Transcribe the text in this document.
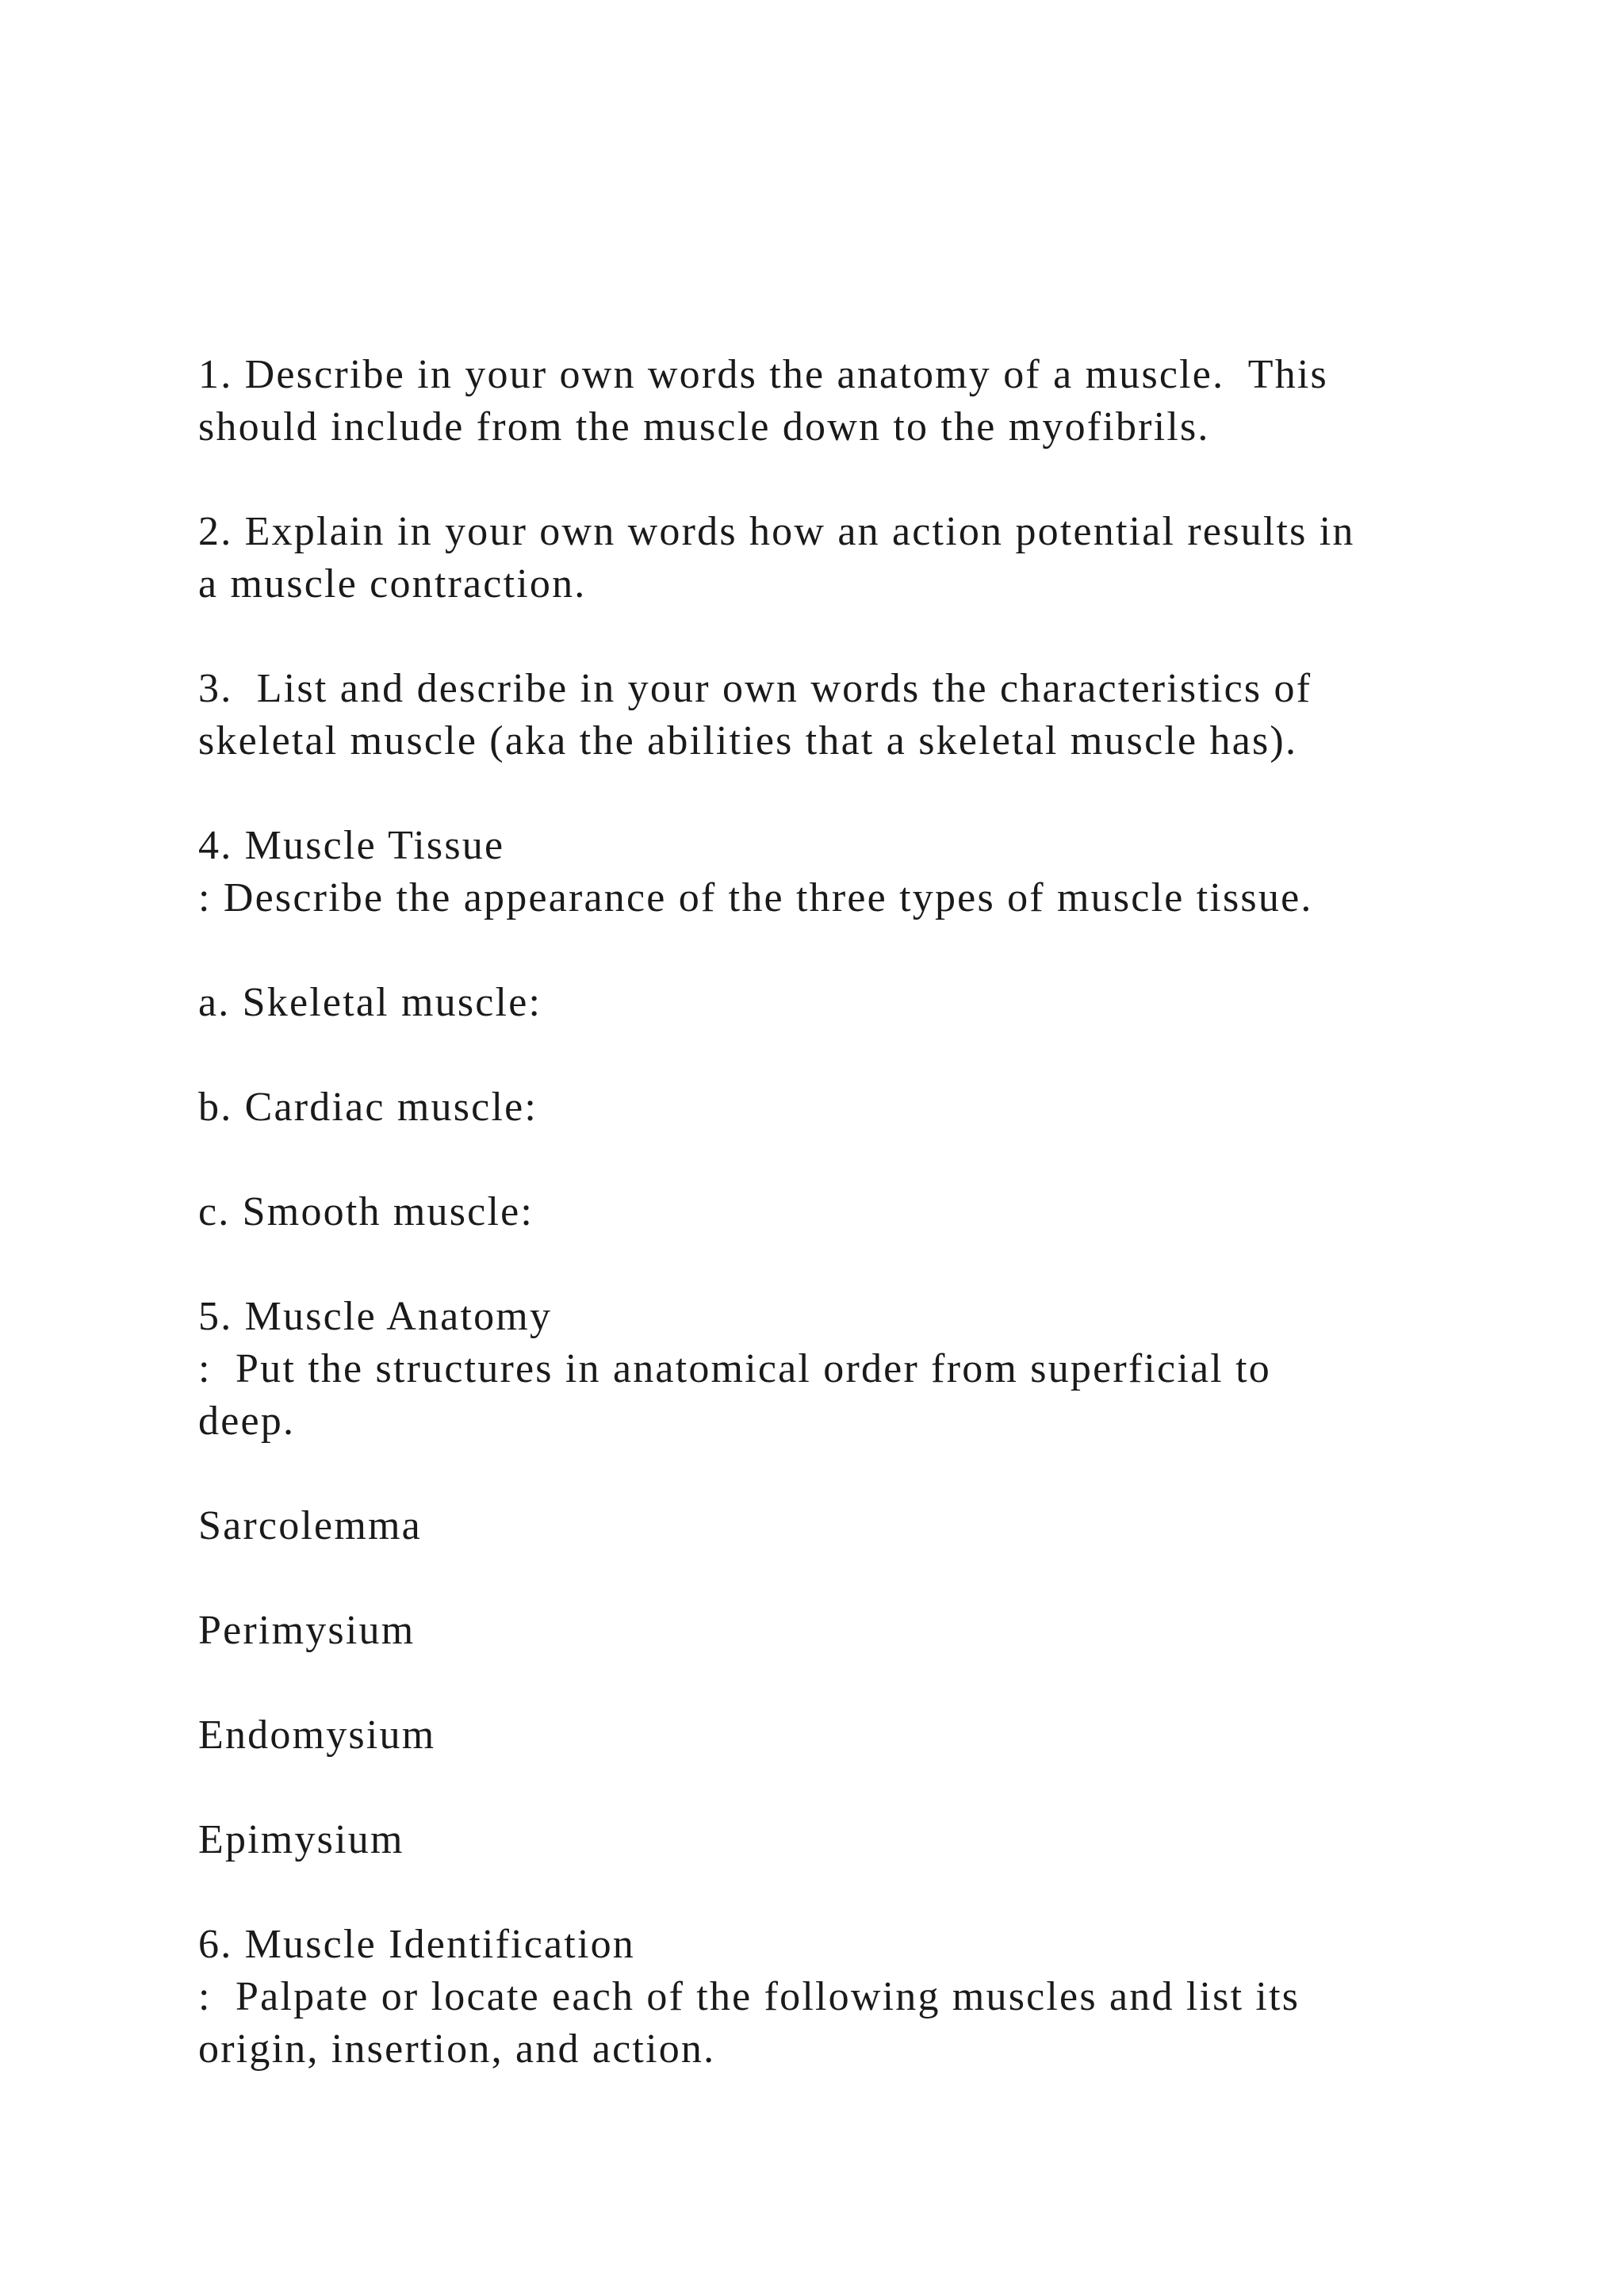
1. Describe in your own words the anatomy of a muscle.  This
should include from the muscle down to the myofibrils.
2. Explain in your own words how an action potential results in
a muscle contraction.
3.  List and describe in your own words the characteristics of
skeletal muscle (aka the abilities that a skeletal muscle has).
4. Muscle Tissue
: Describe the appearance of the three types of muscle tissue.
a. Skeletal muscle:
b. Cardiac muscle:
c. Smooth muscle:
5. Muscle Anatomy
:  Put the structures in anatomical order from superficial to
deep.
Sarcolemma
Perimysium
Endomysium
Epimysium
6. Muscle Identification
:  Palpate or locate each of the following muscles and list its
origin, insertion, and action.
